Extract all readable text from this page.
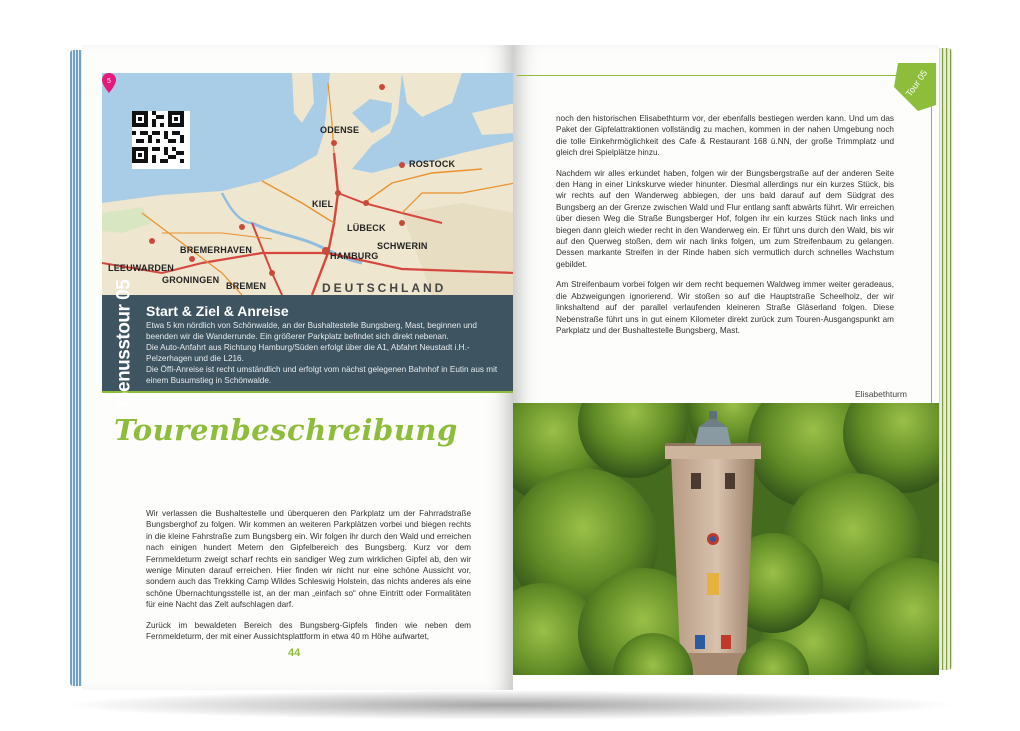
ODENSE
KIEL
ROSTOCK
LÜBECK
SCHWERIN
HAMBURG
BREMERHAVEN
LEEUWARDEN
GRONINGEN
BREMEN	DEUTSCHLAND
5
Genusstour 05 Start & Ziel & Anreise

Etwa 5 km nördlich von Schönwalde, an der Bushaltestelle Bungsberg, Mast, beginnen und beenden wir die Wanderrunde. Ein größerer Parkplatz befindet sich direkt nebenan.

Die Auto-Anfahrt aus Richtung Hamburg/Süden erfolgt über die A1, Abfahrt Neustadt i.H.-Pelzerhagen und die L216.

Die Öffi-Anreise ist recht umständlich und erfolgt vom nächst gelegenen Bahnhof in Eutin aus mit einem Busumstieg in Schönwalde.

Tourenbeschreibung

Wir verlassen die Bushaltestelle und überqueren den Parkplatz um der Fahrradstraße Bungsberghof zu folgen. Wir kommen an weiteren Parkplätzen vorbei und biegen rechts in die kleine Fahrstraße zum Bungsberg ein. Wir folgen ihr durch den Wald und erreichen nach einigen hundert Metern den Gipfelbereich des Bungsberg. Kurz vor dem Fernmeldeturm zweigt scharf rechts ein sandiger Weg zum wirklichen Gipfel ab, den wir wenige Minuten darauf erreichen. Hier finden wir nicht nur eine schöne Aussicht vor, sondern auch das Trekking Camp Wildes Schleswig Holstein, das nichts anderes als eine schöne Übernachtungsstelle ist, an der man „einfach so“ ohne Eintritt oder Formalitäten für eine Nacht das Zelt aufschlagen darf.

Zurück im bewaldeten Bereich des Bungsberg-Gipfels finden wie neben dem Fernmeldeturm, der mit einer Aussichtsplattform in etwa 40 m Höhe aufwartet,

44
Tour 05

noch den historischen Elisabethturm vor, der ebenfalls bestiegen werden kann. Und um das Paket der Gipfelattraktionen vollständig zu machen, kommen in der nahen Umgebung noch die tolle Einkehrmöglichkeit des Cafe & Restaurant 168 ü.NN, der große Trimmplatz und gleich drei Spielplätze hinzu.

Nachdem wir alles erkundet haben, folgen wir der Bungsbergstraße auf der anderen Seite den Hang in einer Linkskurve wieder hinunter. Diesmal allerdings nur ein kurzes Stück, bis wir rechts auf den Wanderweg abbiegen, der uns bald darauf auf dem Südgrat des Bungsberg an der Grenze zwischen Wald und Flur entlang sanft abwärts führt. Wir erreichen über diesen Weg die Straße Bungsberger Hof, folgen ihr ein kurzes Stück nach links und biegen dann gleich wieder recht in den Wanderweg ein. Er führt uns durch den Wald, bis wir auf den Querweg stoßen, dem wir nach links folgen, um zum Streifenbaum zu gelangen. Dessen markante Streifen in der Rinde haben sich vermutlich durch schnelles Wachstum gebildet.

Am Streifenbaum vorbei folgen wir dem recht bequemen Waldweg immer weiter geradeaus, die Abzweigungen ignorierend. Wir stoßen so auf die Hauptstraße Scheelholz, der wir linkshaltend auf der parallel verlaufenden kleineren Straße Gläserland folgen. Diese Nebenstraße führt uns in gut einem Kilometer direkt zurück zum Touren-Ausgangspunkt am Parkplatz und der Bushaltestelle Bungsberg, Mast.

Elisabethturm
